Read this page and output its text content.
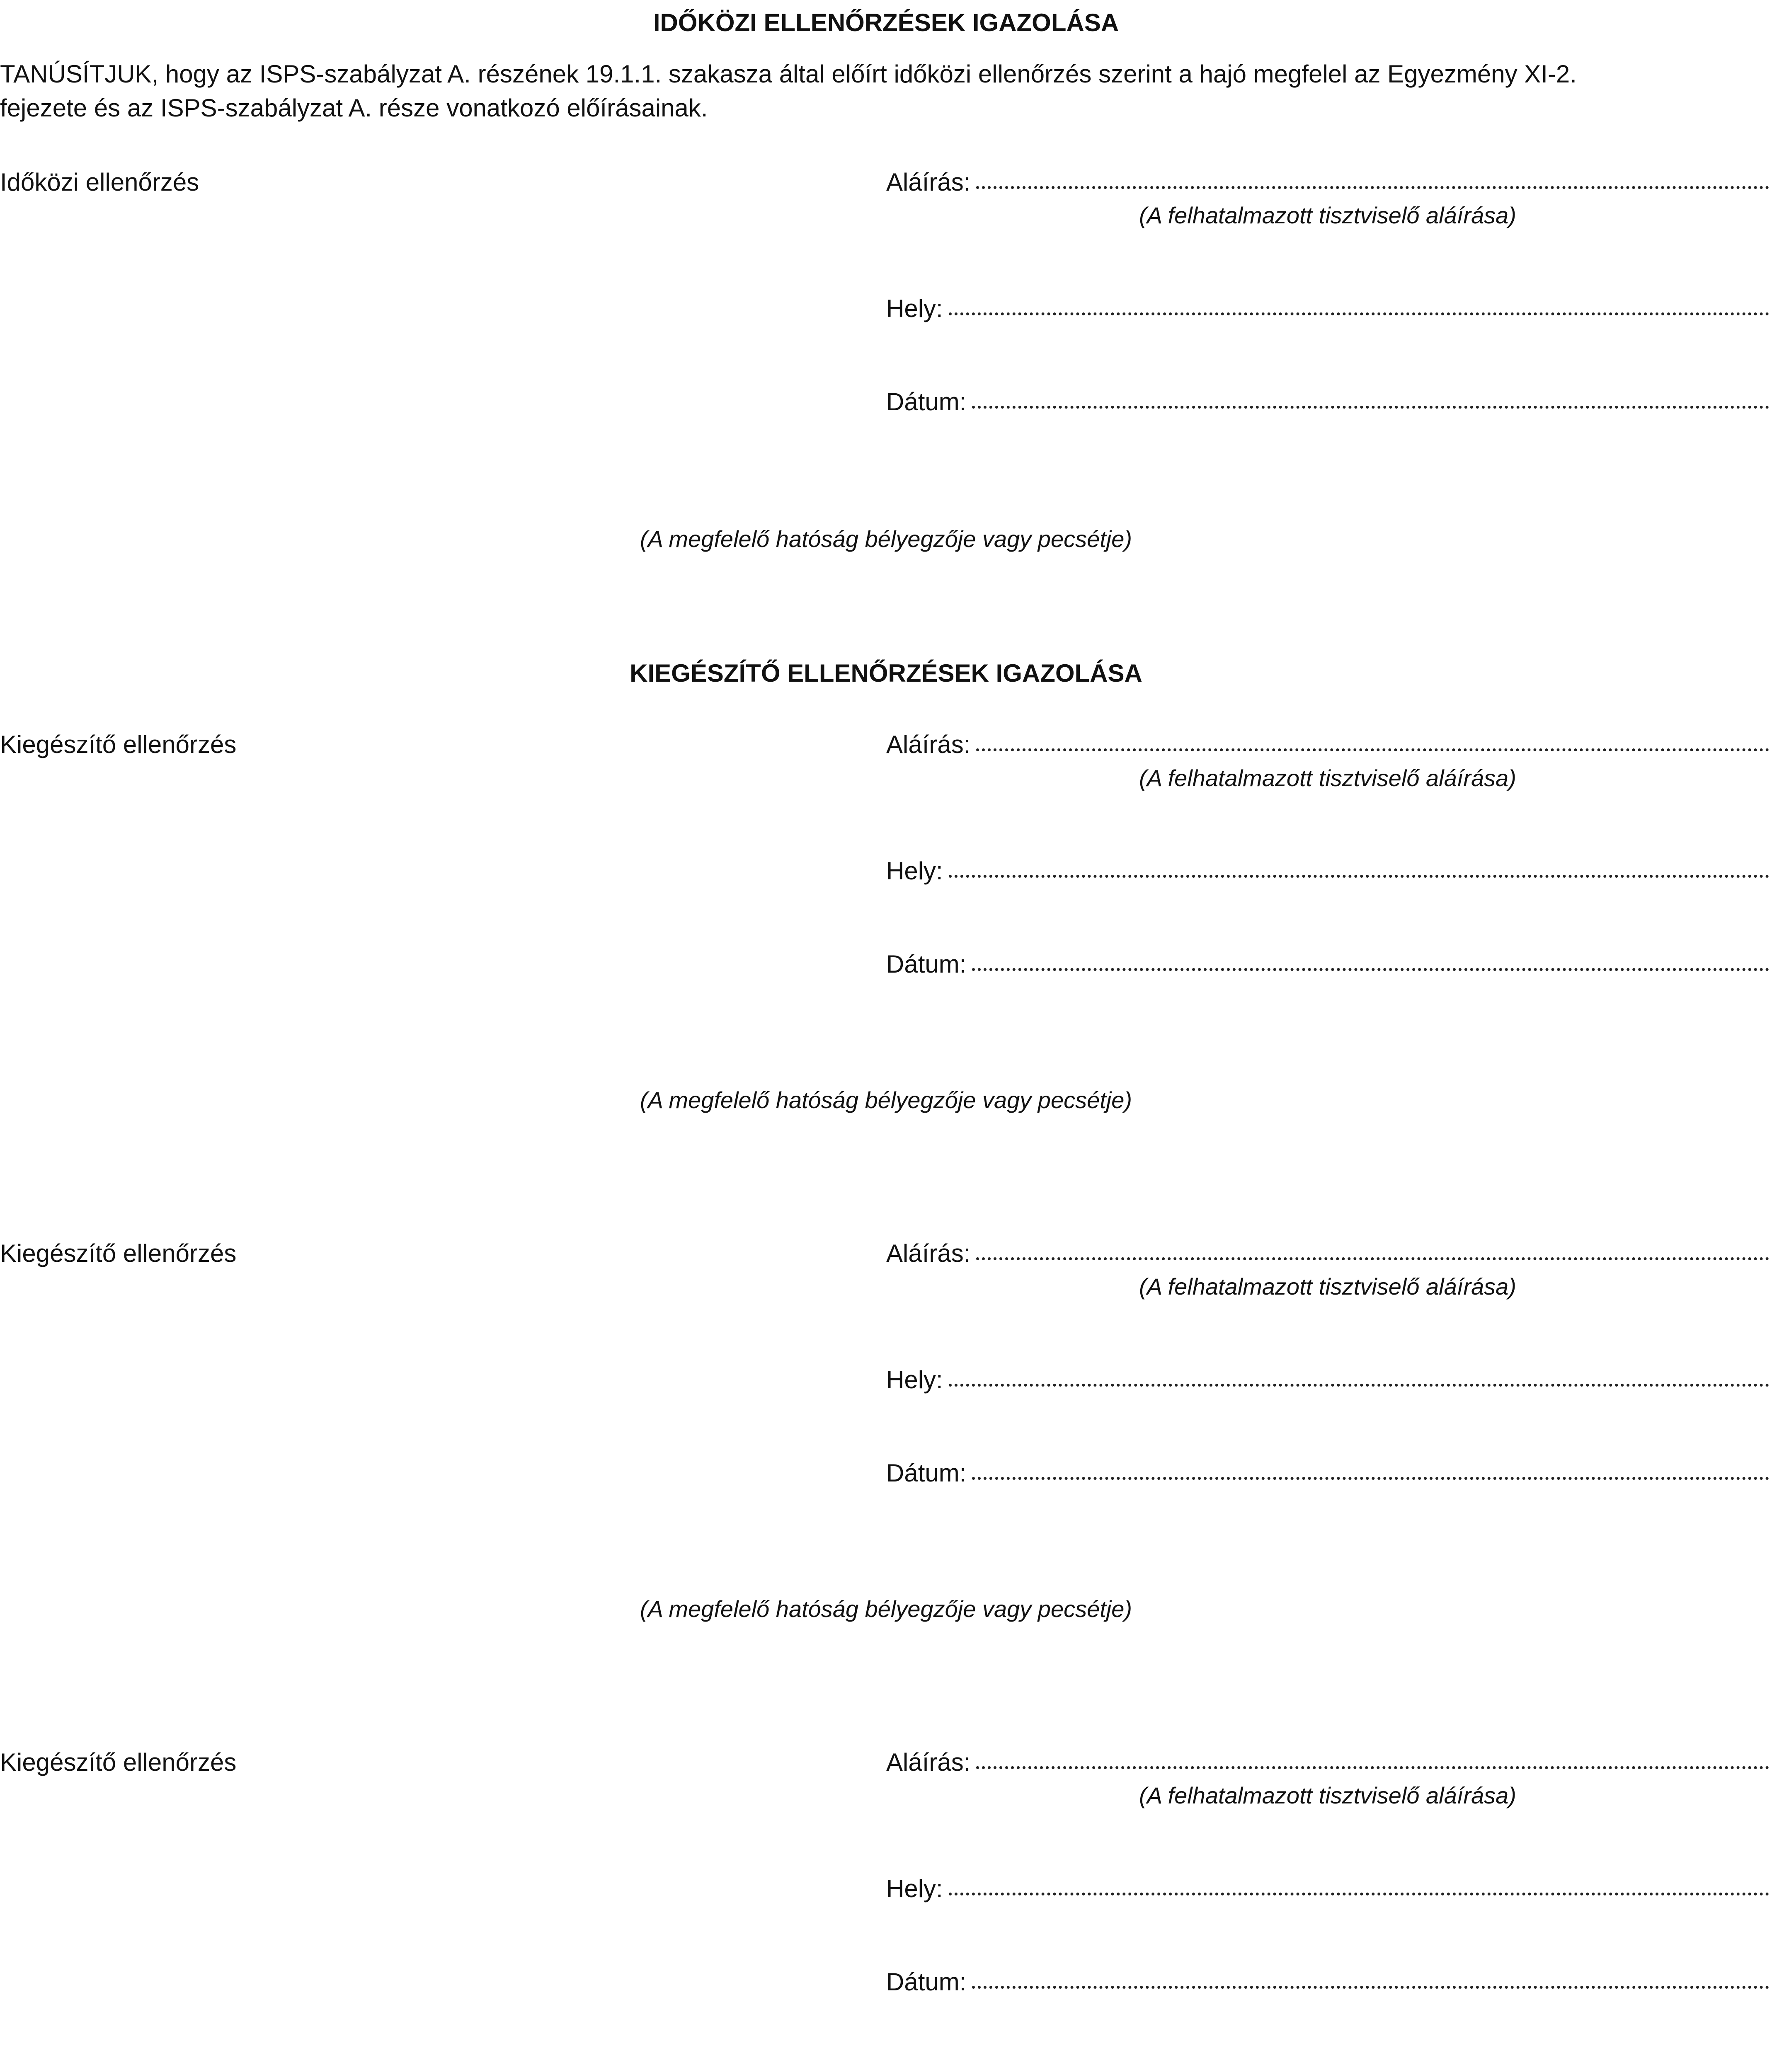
IDŐKÖZI ELLENŐRZÉSEK IGAZOLÁSA
TANÚSÍTJUK, hogy az ISPS-szabályzat A. részének 19.1.1. szakasza által előírt időközi ellenőrzés szerint a hajó megfelel az Egyezmény XI-2.
fejezete és az ISPS-szabályzat A. része vonatkozó előírásainak.
Időközi ellenőrzés	Aláírás:
(A felhatalmazott tisztviselő aláírása)
Hely:
Dátum:
(A megfelelő hatóság bélyegzője vagy pecsétje)
KIEGÉSZÍTŐ ELLENŐRZÉSEK IGAZOLÁSA
Kiegészítő ellenőrzés	Aláírás:
(A felhatalmazott tisztviselő aláírása)
Hely:
Dátum:
(A megfelelő hatóság bélyegzője vagy pecsétje)
Kiegészítő ellenőrzés	Aláírás:
(A felhatalmazott tisztviselő aláírása)
Hely:
Dátum:
(A megfelelő hatóság bélyegzője vagy pecsétje)
Kiegészítő ellenőrzés	Aláírás:
(A felhatalmazott tisztviselő aláírása)
Hely:
Dátum:
